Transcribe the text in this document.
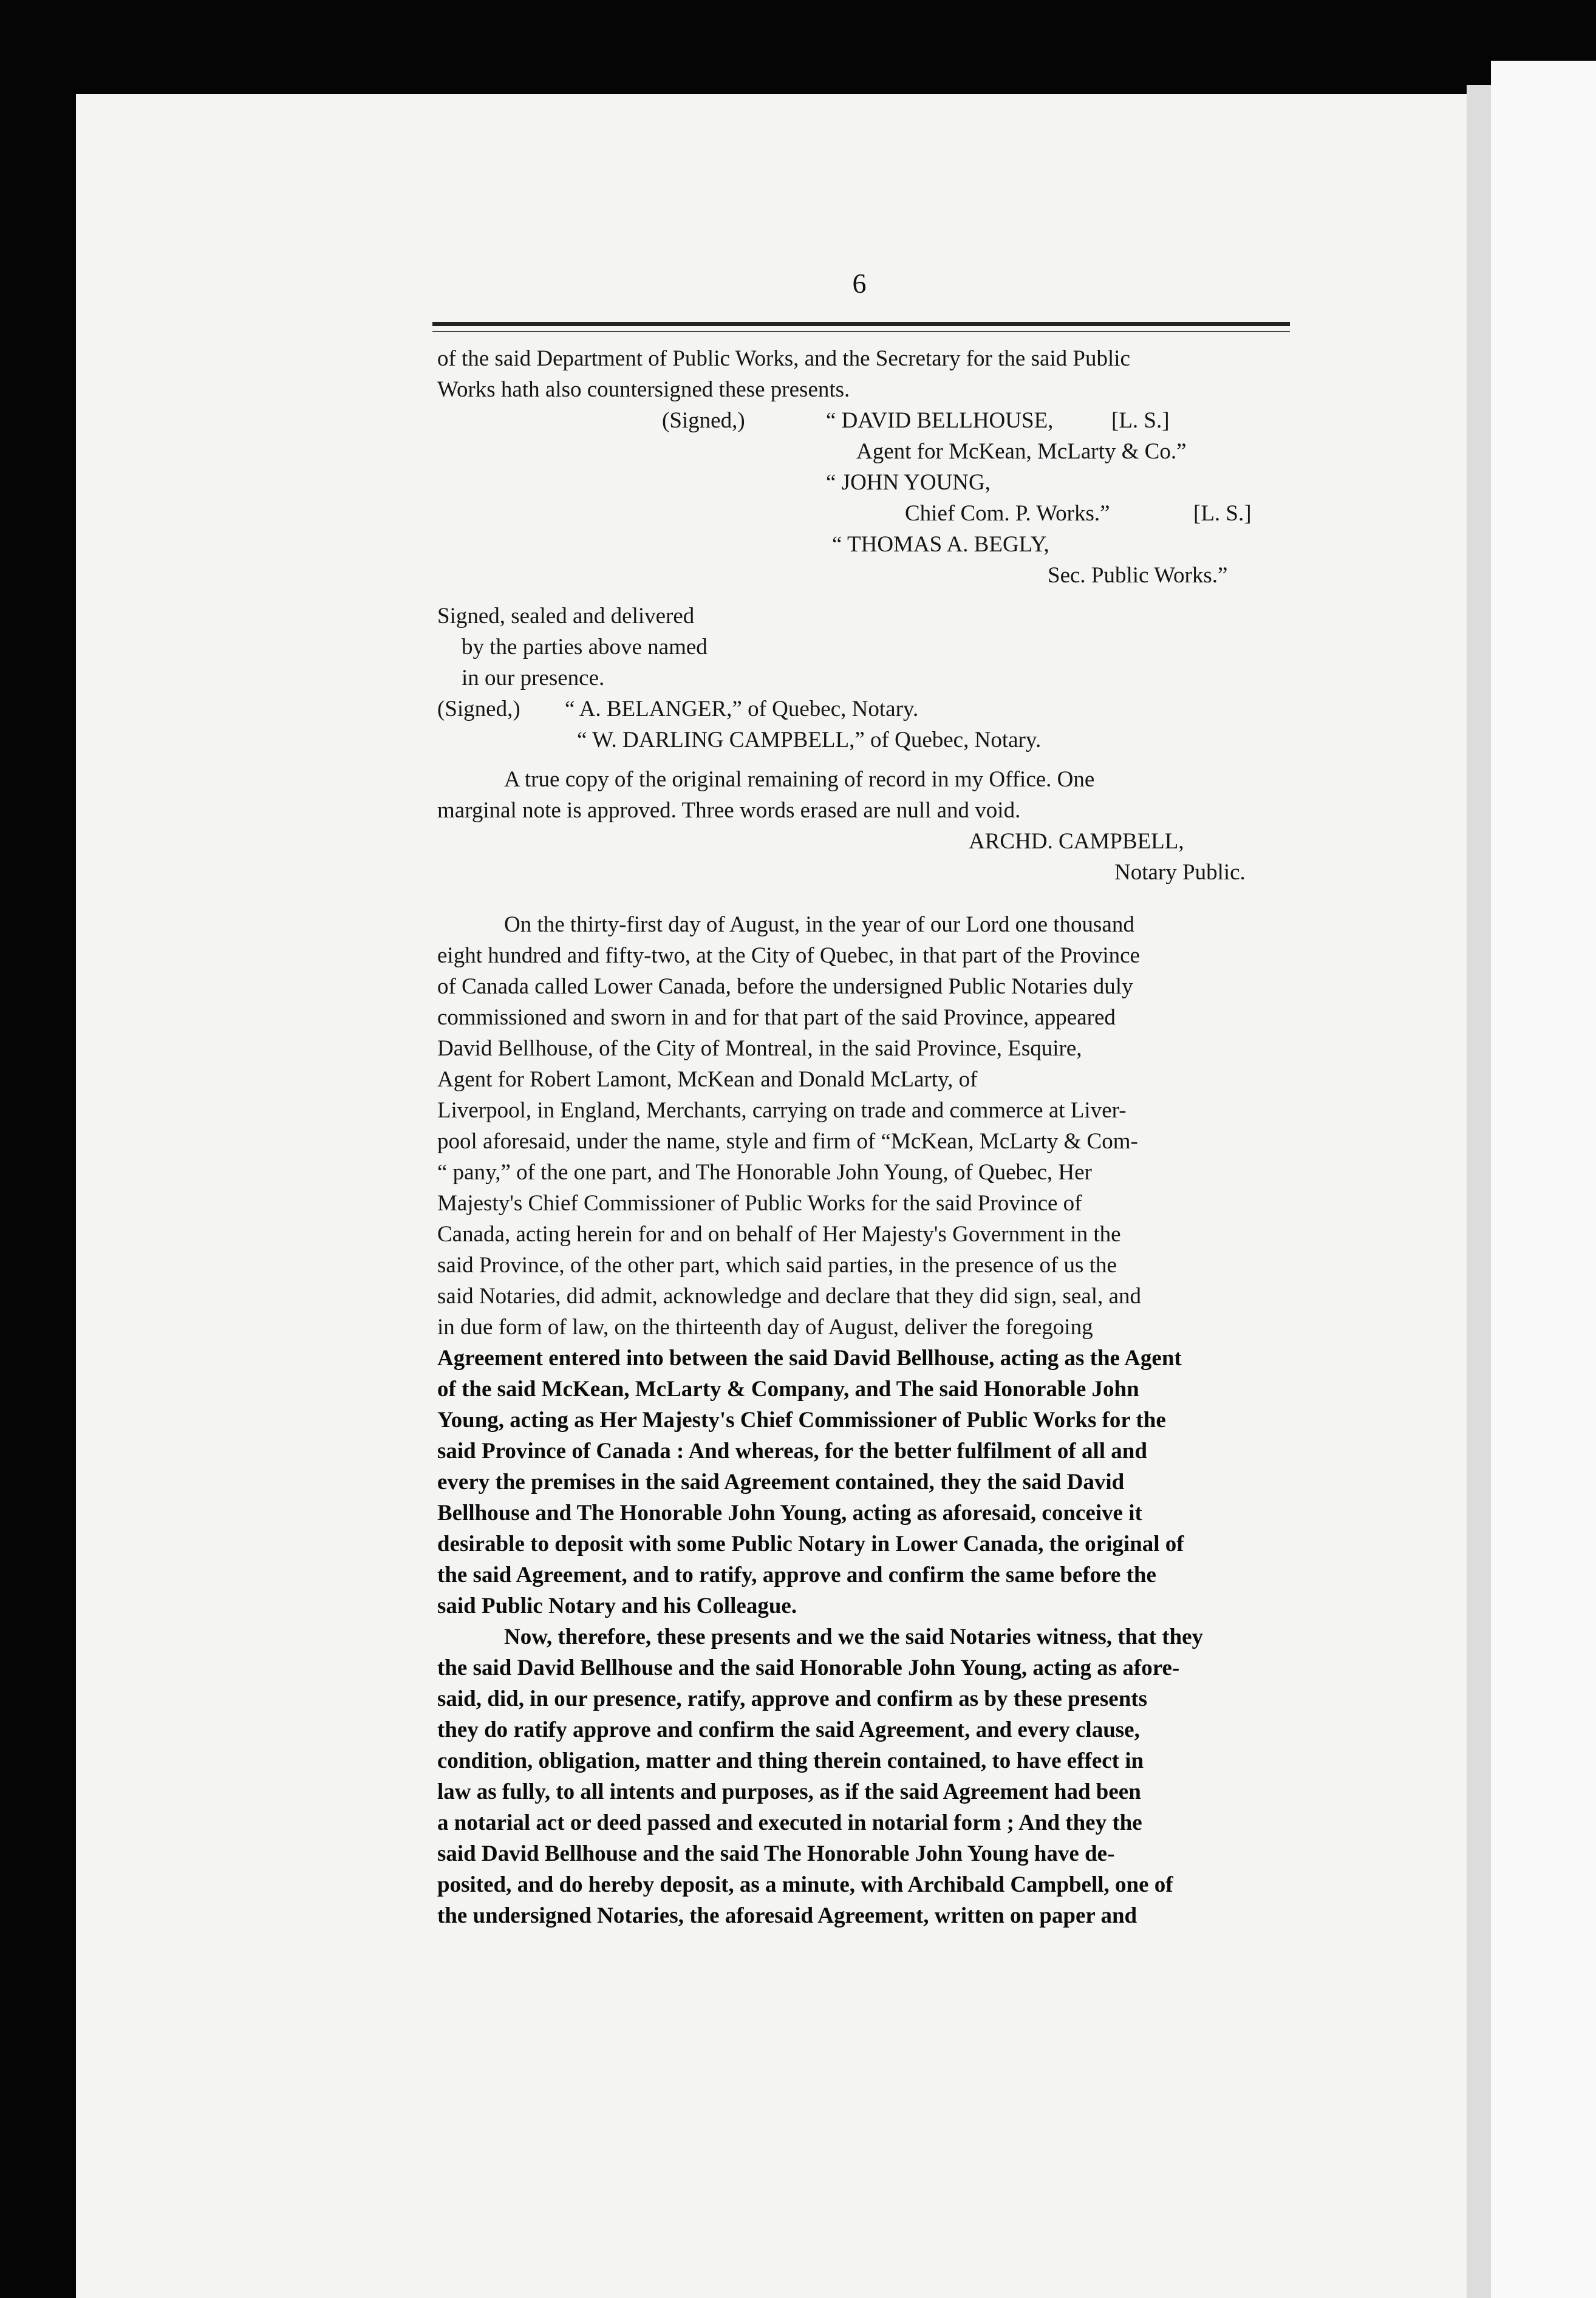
6
of the said Department of Public Works, and the Secretary for the said Public
Works hath also countersigned these presents.
(Signed,)	“ DAVID BELLHOUSE,	[L. S.]
Agent for McKean, McLarty & Co.”
“ JOHN YOUNG,
Chief Com. P. Works.”	[L. S.]
“ THOMAS A. BEGLY,
Sec. Public Works.”
Signed, sealed and delivered
by the parties above named
in our presence.
(Signed,) “ A. BELANGER,” of Quebec, Notary.
“ W. DARLING CAMPBELL,” of Quebec, Notary.
A true copy of the original remaining of record in my Office. One
marginal note is approved. Three words erased are null and void.
ARCHD. CAMPBELL,
Notary Public.
On the thirty-first day of August, in the year of our Lord one thousand
eight hundred and fifty-two, at the City of Quebec, in that part of the Province
of Canada called Lower Canada, before the undersigned Public Notaries duly
commissioned and sworn in and for that part of the said Province, appeared
David Bellhouse, of the City of Montreal, in the said Province, Esquire,
Agent for Robert Lamont, McKean and Donald McLarty, of
Liverpool, in England, Merchants, carrying on trade and commerce at Liver-
pool aforesaid, under the name, style and firm of “McKean, McLarty & Com-
“ pany,” of the one part, and The Honorable John Young, of Quebec, Her
Majesty's Chief Commissioner of Public Works for the said Province of
Canada, acting herein for and on behalf of Her Majesty's Government in the
said Province, of the other part, which said parties, in the presence of us the
said Notaries, did admit, acknowledge and declare that they did sign, seal, and
in due form of law, on the thirteenth day of August, deliver the foregoing
Agreement entered into between the said David Bellhouse, acting as the Agent
of the said McKean, McLarty & Company, and The said Honorable John
Young, acting as Her Majesty's Chief Commissioner of Public Works for the
said Province of Canada : And whereas, for the better fulfilment of all and
every the premises in the said Agreement contained, they the said David
Bellhouse and The Honorable John Young, acting as aforesaid, conceive it
desirable to deposit with some Public Notary in Lower Canada, the original of
the said Agreement, and to ratify, approve and confirm the same before the
said Public Notary and his Colleague.
Now, therefore, these presents and we the said Notaries witness, that they
the said David Bellhouse and the said Honorable John Young, acting as afore-
said, did, in our presence, ratify, approve and confirm as by these presents
they do ratify approve and confirm the said Agreement, and every clause,
condition, obligation, matter and thing therein contained, to have effect in
law as fully, to all intents and purposes, as if the said Agreement had been
a notarial act or deed passed and executed in notarial form ; And they the
said David Bellhouse and the said The Honorable John Young have de-
posited, and do hereby deposit, as a minute, with Archibald Campbell, one of
the undersigned Notaries, the aforesaid Agreement, written on paper and
